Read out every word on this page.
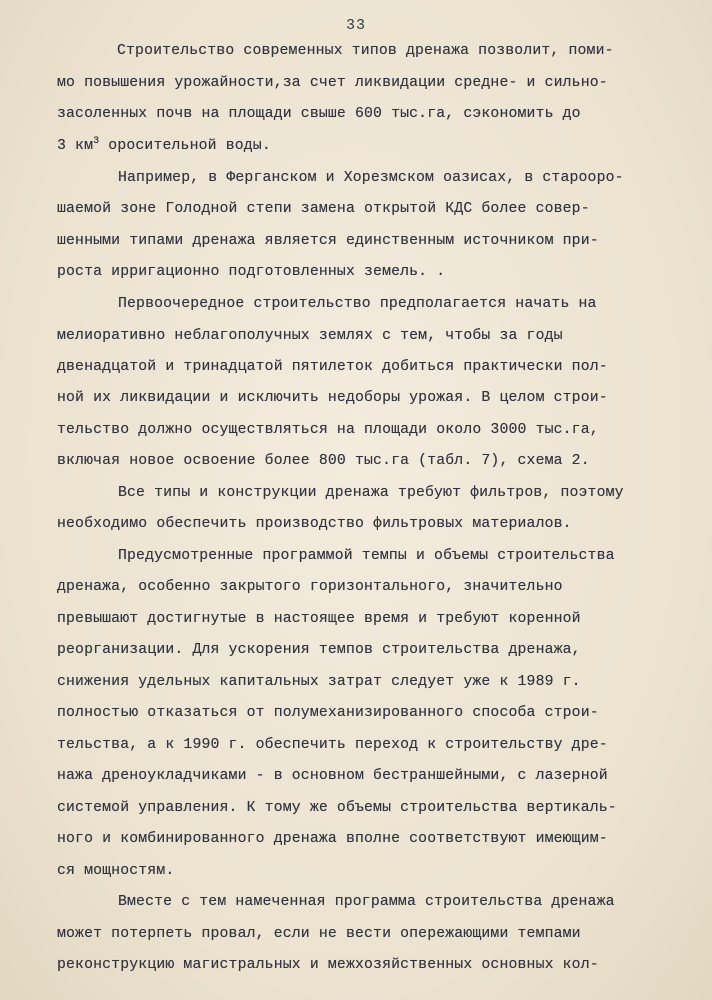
33
Строительство современных типов дренажа позволит, поми-
мо повышения урожайности,за счет ликвидации средне- и сильно-
засоленных почв на площади свыше 600 тыс.га, сэкономить до
3 $км^3$ оросительной воды.
Например, в Ферганском и Хорезмском оазисах, в староорo-
шаемой зоне Голодной степи замена открытой КДС более совер-
шенными типами дренажа является единственным источником при-
роста ирригационно подготовленных земель. .
Первоочередное строительство предполагается начать на
мелиоративно неблагополучных землях с тем, чтобы за годы
двенадцатой и тринадцатой пятилеток добиться практически пол-
ной их ликвидации и исключить недоборы урожая. В целом строи-
тельство должно осуществляться на площади около 3000 тыс.га,
включая новое освоение более 800 тыс.га (табл. 7), схема 2.
Все типы и конструкции дренажа требуют фильтров, поэтому
необходимо обеспечить производство фильтровых материалов.
Предусмотренные программой темпы и объемы строительства
дренажа, особенно закрытого горизонтального, значительно
превышают достигнутые в настоящее время и требуют коренной
реорганизации. Для ускорения темпов строительства дренажа,
снижения удельных капитальных затрат следует уже к 1989 г.
полностью отказаться от полумеханизированного способа строи-
тельства, а к 1990 г. обеспечить переход к строительству дре-
нажа дреноукладчиками - в основном бестраншейными, с лазерной
системой управления. К тому же объемы строительства вертикаль-
ного и комбинированного дренажа вполне соответствуют имеющим-
ся мощностям.
Вместе с тем намеченная программа строительства дренажа
может потерпеть провал, если не вести опережающими темпами
реконструкцию магистральных и межхозяйственных основных кол-
